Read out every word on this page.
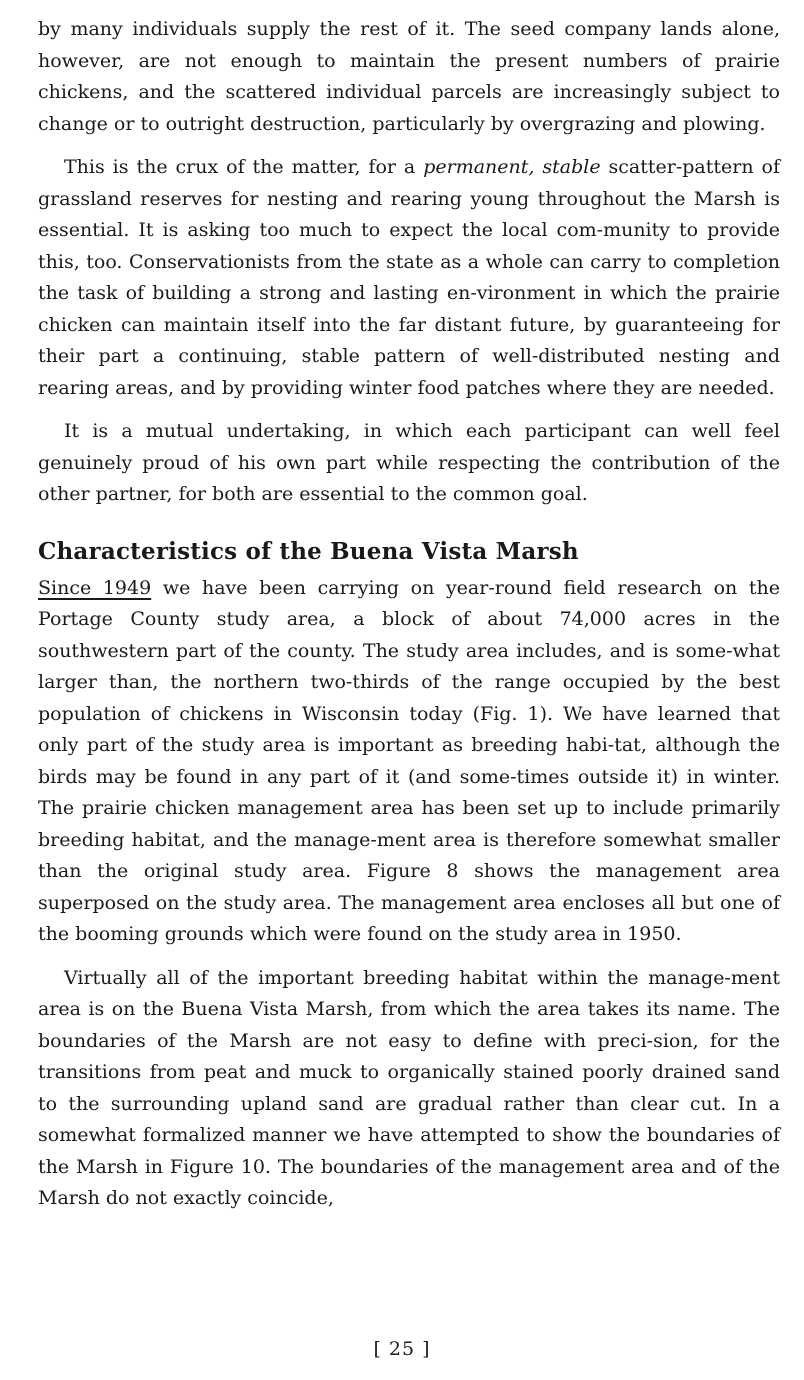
by many individuals supply the rest of it. The seed company lands alone, however, are not enough to maintain the present numbers of prairie chickens, and the scattered individual parcels are increasingly subject to change or to outright destruction, particularly by overgrazing and plowing.

This is the crux of the matter, for a permanent, stable scatter-pattern of grassland reserves for nesting and rearing young throughout the Marsh is essential. It is asking too much to expect the local com-munity to provide this, too. Conservationists from the state as a whole can carry to completion the task of building a strong and lasting en-vironment in which the prairie chicken can maintain itself into the far distant future, by guaranteeing for their part a continuing, stable pattern of well-distributed nesting and rearing areas, and by providing winter food patches where they are needed.

It is a mutual undertaking, in which each participant can well feel genuinely proud of his own part while respecting the contribution of the other partner, for both are essential to the common goal.

Characteristics of the Buena Vista Marsh

Since 1949 we have been carrying on year-round field research on the Portage County study area, a block of about 74,000 acres in the southwestern part of the county. The study area includes, and is some-what larger than, the northern two-thirds of the range occupied by the best population of chickens in Wisconsin today (Fig. 1). We have learned that only part of the study area is important as breeding habi-tat, although the birds may be found in any part of it (and some-times outside it) in winter. The prairie chicken management area has been set up to include primarily breeding habitat, and the manage-ment area is therefore somewhat smaller than the original study area. Figure 8 shows the management area superposed on the study area. The management area encloses all but one of the booming grounds which were found on the study area in 1950.

Virtually all of the important breeding habitat within the manage-ment area is on the Buena Vista Marsh, from which the area takes its name. The boundaries of the Marsh are not easy to define with preci-sion, for the transitions from peat and muck to organically stained poorly drained sand to the surrounding upland sand are gradual rather than clear cut. In a somewhat formalized manner we have attempted to show the boundaries of the Marsh in Figure 10. The boundaries of the management area and of the Marsh do not exactly coincide,

[ 25 ]
